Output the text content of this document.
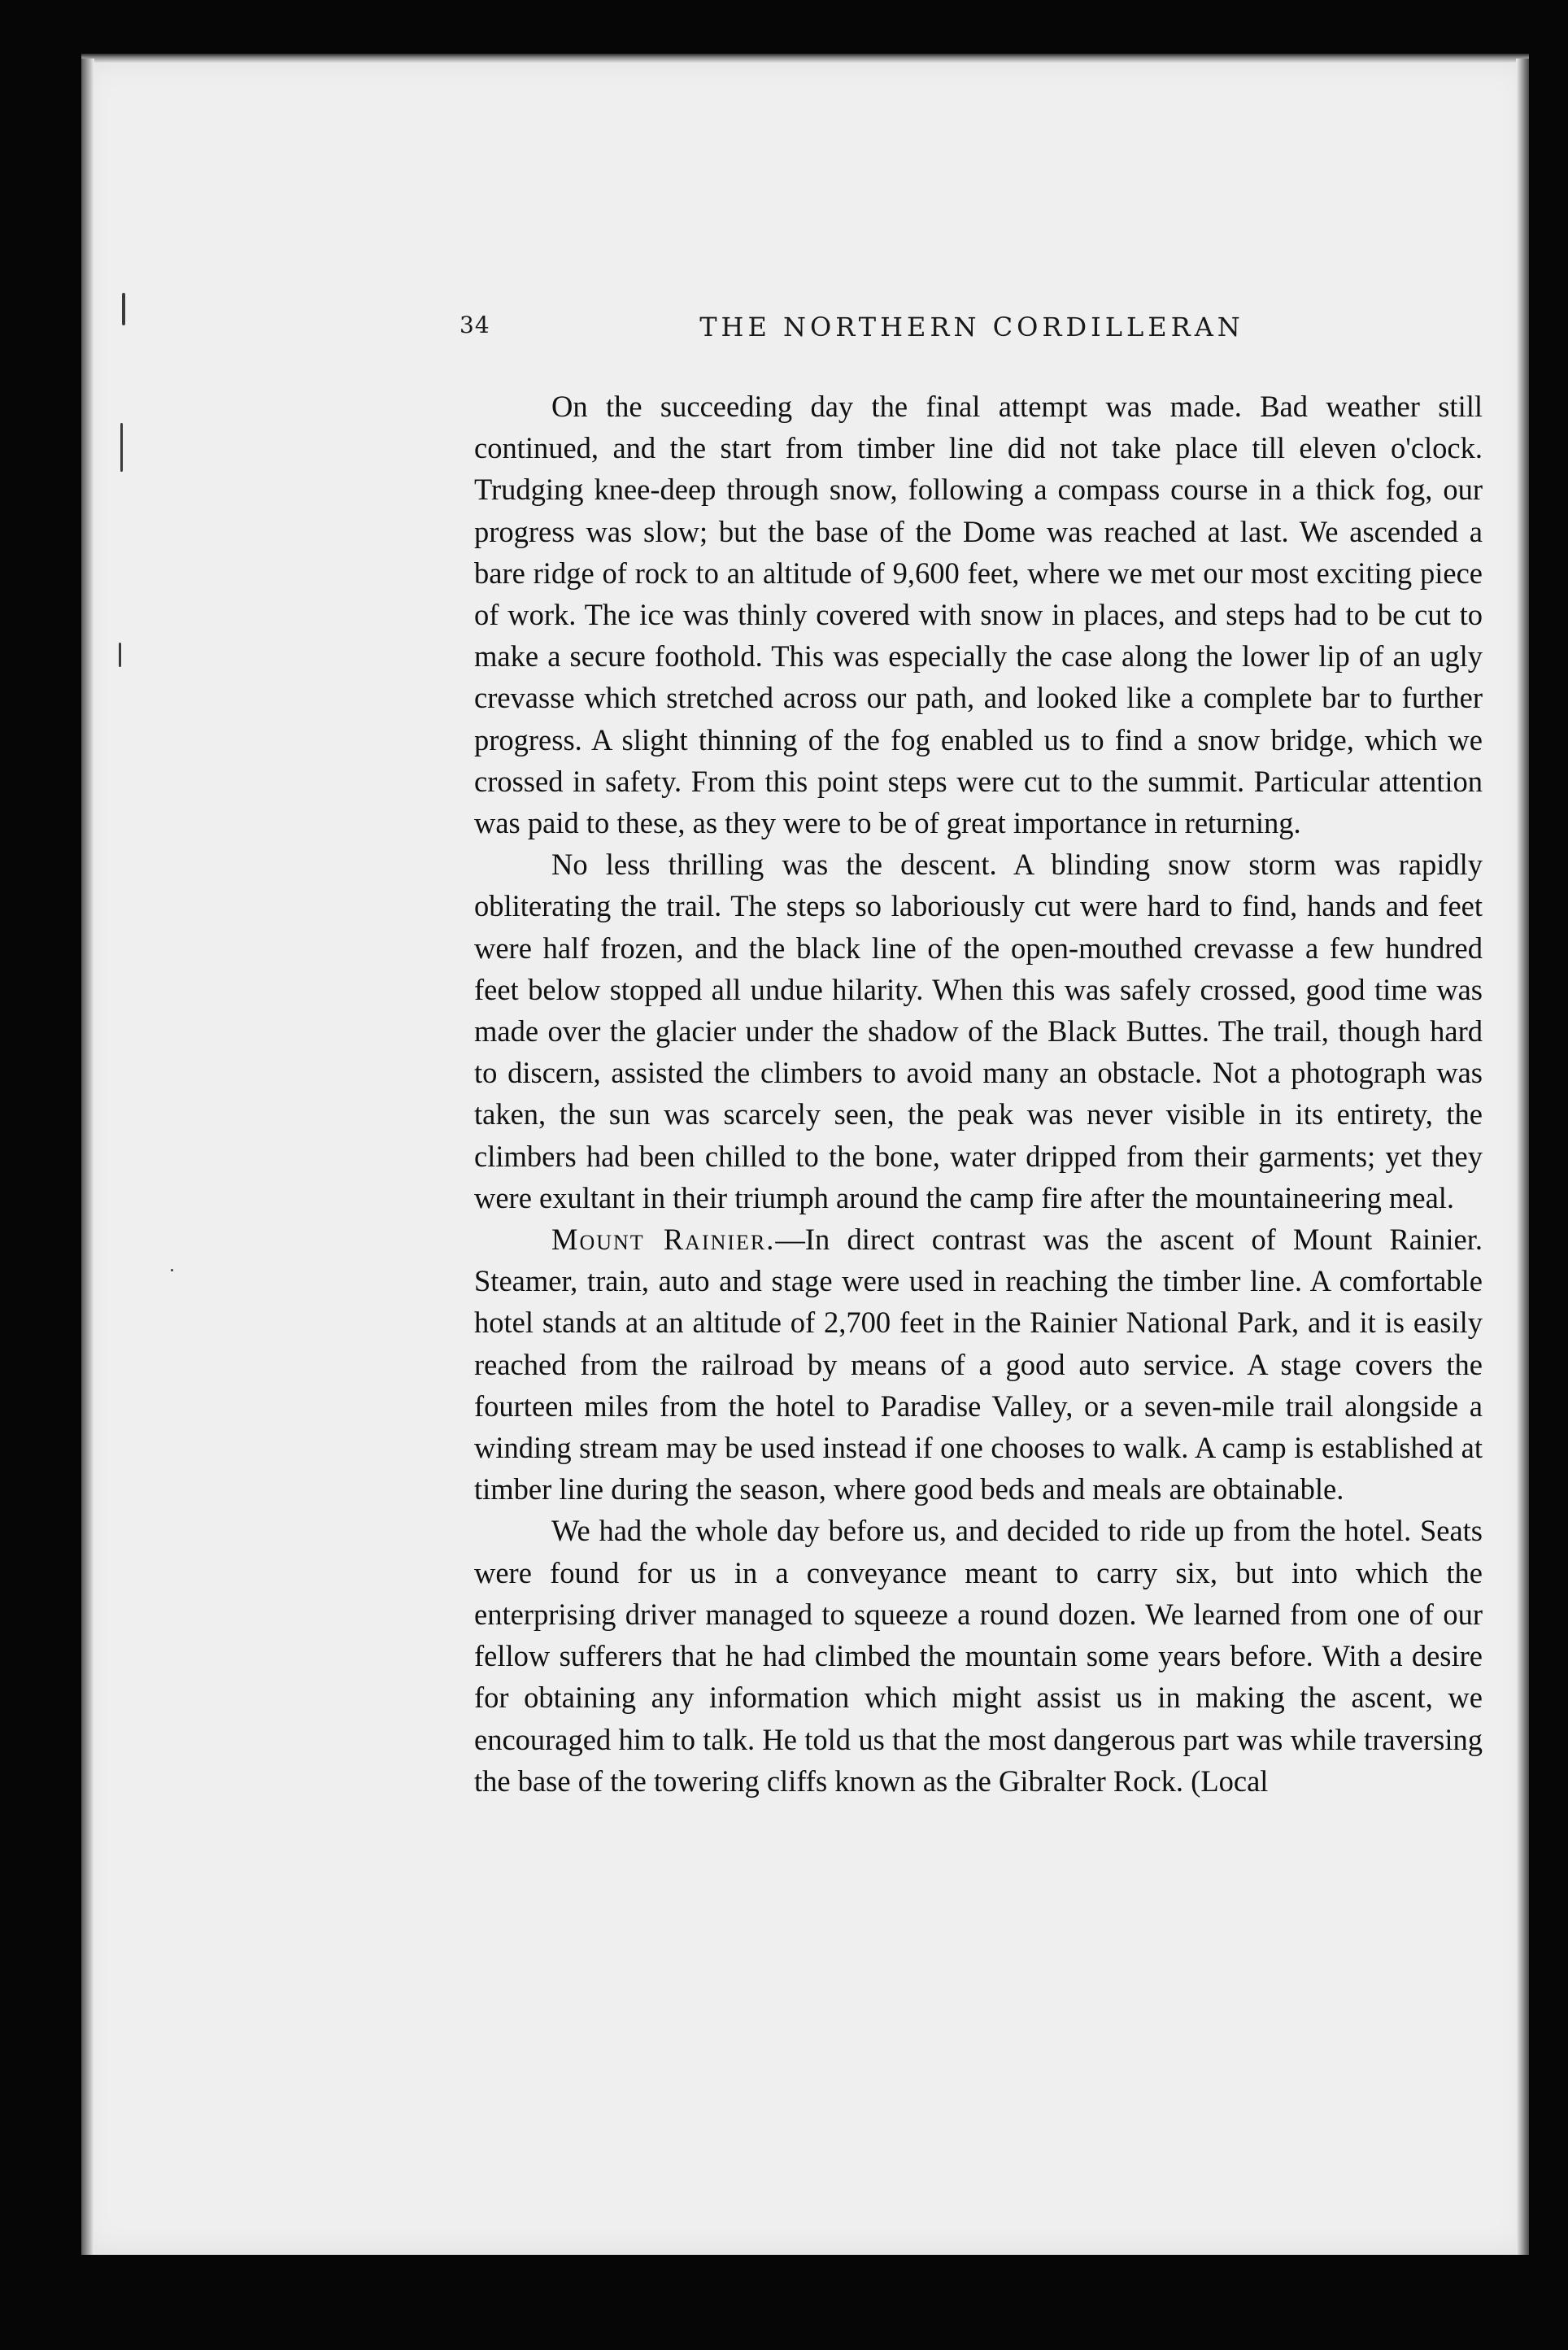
34	THE NORTHERN CORDILLERAN

On the succeeding day the final attempt was made. Bad weather still continued, and the start from timber line did not take place till eleven o'clock. Trudging knee-deep through snow, following a compass course in a thick fog, our progress was slow; but the base of the Dome was reached at last. We ascended a bare ridge of rock to an altitude of 9,600 feet, where we met our most exciting piece of work. The ice was thinly covered with snow in places, and steps had to be cut to make a secure foothold. This was especially the case along the lower lip of an ugly crevasse which stretched across our path, and looked like a complete bar to further progress. A slight thinning of the fog enabled us to find a snow bridge, which we crossed in safety. From this point steps were cut to the summit. Particular attention was paid to these, as they were to be of great importance in returning.

No less thrilling was the descent. A blinding snow storm was rapidly obliterating the trail. The steps so laboriously cut were hard to find, hands and feet were half frozen, and the black line of the open-mouthed crevasse a few hundred feet below stopped all undue hilarity. When this was safely crossed, good time was made over the glacier under the shadow of the Black Buttes. The trail, though hard to discern, assisted the climbers to avoid many an obstacle. Not a photograph was taken, the sun was scarcely seen, the peak was never visible in its entirety, the climbers had been chilled to the bone, water dripped from their garments; yet they were exultant in their triumph around the camp fire after the mountaineering meal.

Mount Rainier.—In direct contrast was the ascent of Mount Rainier. Steamer, train, auto and stage were used in reaching the timber line. A comfortable hotel stands at an altitude of 2,700 feet in the Rainier National Park, and it is easily reached from the railroad by means of a good auto service. A stage covers the fourteen miles from the hotel to Paradise Valley, or a seven-mile trail alongside a winding stream may be used instead if one chooses to walk. A camp is established at timber line during the season, where good beds and meals are obtainable.

We had the whole day before us, and decided to ride up from the hotel. Seats were found for us in a conveyance meant to carry six, but into which the enterprising driver managed to squeeze a round dozen. We learned from one of our fellow sufferers that he had climbed the mountain some years before. With a desire for obtaining any information which might assist us in making the ascent, we encouraged him to talk. He told us that the most dangerous part was while traversing the base of the towering cliffs known as the Gibralter Rock. (Local
